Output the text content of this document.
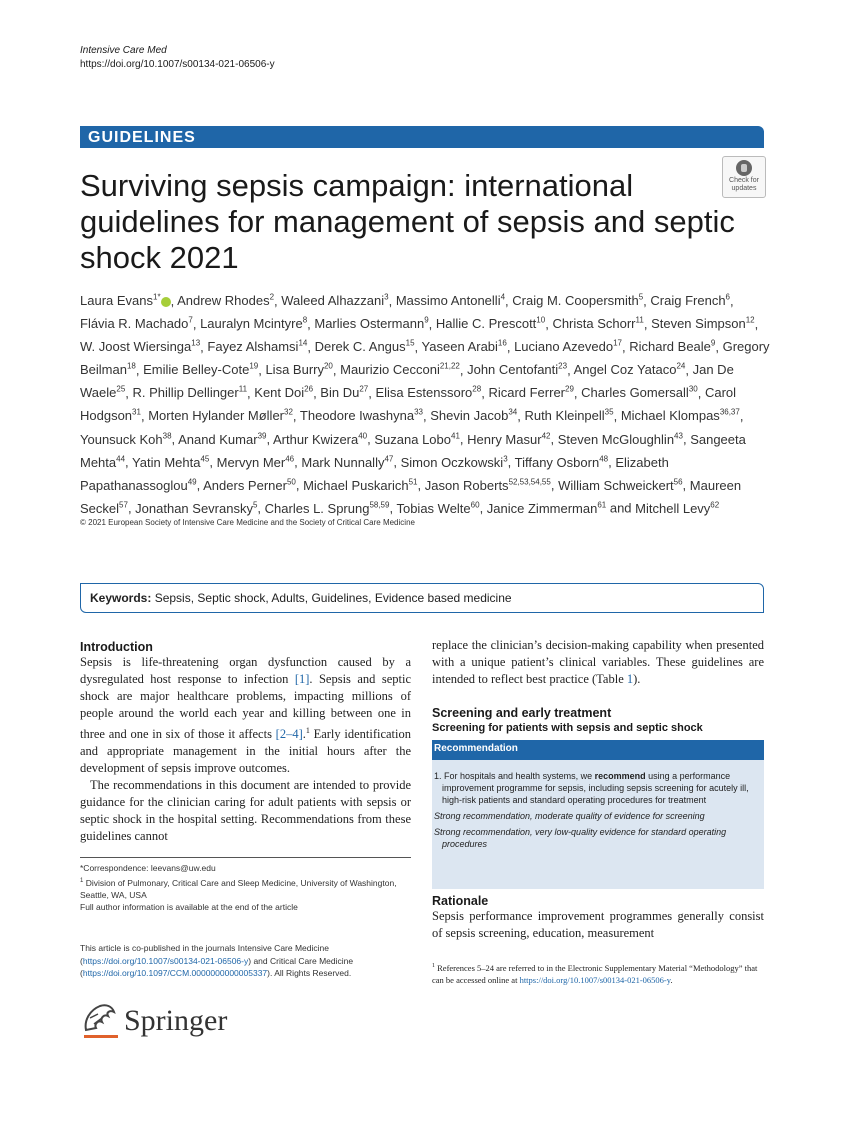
Intensive Care Med
https://doi.org/10.1007/s00134-021-06506-y
GUIDELINES
Check for
updates
Surviving sepsis campaign: international guidelines for management of sepsis and septic shock 2021
Laura Evans$^{1*}$ , Andrew Rhodes$^2$, Waleed Alhazzani$^3$, Massimo Antonelli$^4$, Craig M. Coopersmith$^5$, Craig French$^6$, Flávia R. Machado$^7$, Lauralyn Mcintyre$^8$, Marlies Ostermann$^9$, Hallie C. Prescott$^{10}$, Christa Schorr$^{11}$, Steven Simpson$^{12}$, W. Joost Wiersinga$^{13}$, Fayez Alshamsi$^{14}$, Derek C. Angus$^{15}$, Yaseen Arabi$^{16}$, Luciano Azevedo$^{17}$, Richard Beale$^9$, Gregory Beilman$^{18}$, Emilie Belley‑Cote$^{19}$, Lisa Burry$^{20}$, Maurizio Cecconi$^{21,22}$, John Centofanti$^{23}$, Angel Coz Yataco$^{24}$, Jan De Waele$^{25}$, R. Phillip Dellinger$^{11}$, Kent Doi$^{26}$, Bin Du$^{27}$, Elisa Estenssoro$^{28}$, Ricard Ferrer$^{29}$, Charles Gomersall$^{30}$, Carol Hodgson$^{31}$, Morten Hylander Møller$^{32}$, Theodore Iwashyna$^{33}$, Shevin Jacob$^{34}$, Ruth Kleinpell$^{35}$, Michael Klompas$^{36,37}$, Younsuck Koh$^{38}$, Anand Kumar$^{39}$, Arthur Kwizera$^{40}$, Suzana Lobo$^{41}$, Henry Masur$^{42}$, Steven McGloughlin$^{43}$, Sangeeta Mehta$^{44}$, Yatin Mehta$^{45}$, Mervyn Mer$^{46}$, Mark Nunnally$^{47}$, Simon Oczkowski$^3$, Tiffany Osborn$^{48}$, Elizabeth Papathanassoglou$^{49}$, Anders Perner$^{50}$, Michael Puskarich$^{51}$, Jason Roberts$^{52,53,54,55}$, William Schweickert$^{56}$, Maureen Seckel$^{57}$, Jonathan Sevransky$^5$, Charles L. Sprung$^{58,59}$, Tobias Welte$^{60}$, Janice Zimmerman$^{61}$ and Mitchell Levy$^{62}$
© 2021 European Society of Intensive Care Medicine and the Society of Critical Care Medicine
Keywords: Sepsis, Septic shock, Adults, Guidelines, Evidence based medicine
Introduction
Sepsis is life-threatening organ dysfunction caused by a dysregulated host response to infection [1]. Sepsis and septic shock are major healthcare problems, impacting millions of people around the world each year and killing between one in three and one in six of those it affects [2–4].$^1$ Early identification and appropriate management in the initial hours after the development of sepsis improve outcomes.
The recommendations in this document are intended to provide guidance for the clinician caring for adult patients with sepsis or septic shock in the hospital setting. Recommendations from these guidelines cannot
*Correspondence: leevans@uw.edu
$^1$ Division of Pulmonary, Critical Care and Sleep Medicine, University of Washington, Seattle, WA, USA
Full author information is available at the end of the article
This article is co-published in the journals Intensive Care Medicine (https://doi.org/10.1007/s00134-021-06506-y) and Critical Care Medicine (https://doi.org/10.1097/CCM.0000000000005337). All Rights Reserved.
Springer
replace the clinician’s decision-making capability when presented with a unique patient’s clinical variables. These guidelines are intended to reflect best practice (Table 1).
Screening and early treatment
Screening for patients with sepsis and septic shock
Recommendation
1. For hospitals and health systems, we recommend using a performance improvement programme for sepsis, including sepsis screening for acutely ill, high-risk patients and standard operating procedures for treatment
Strong recommendation, moderate quality of evidence for screening
Strong recommendation, very low-quality evidence for standard operating procedures
Rationale
Sepsis performance improvement programmes generally consist of sepsis screening, education, measurement
$^1$ References 5–24 are referred to in the Electronic Supplementary Material “Methodology” that can be accessed online at https://doi.org/10.1007/s00134-021-06506-y.
